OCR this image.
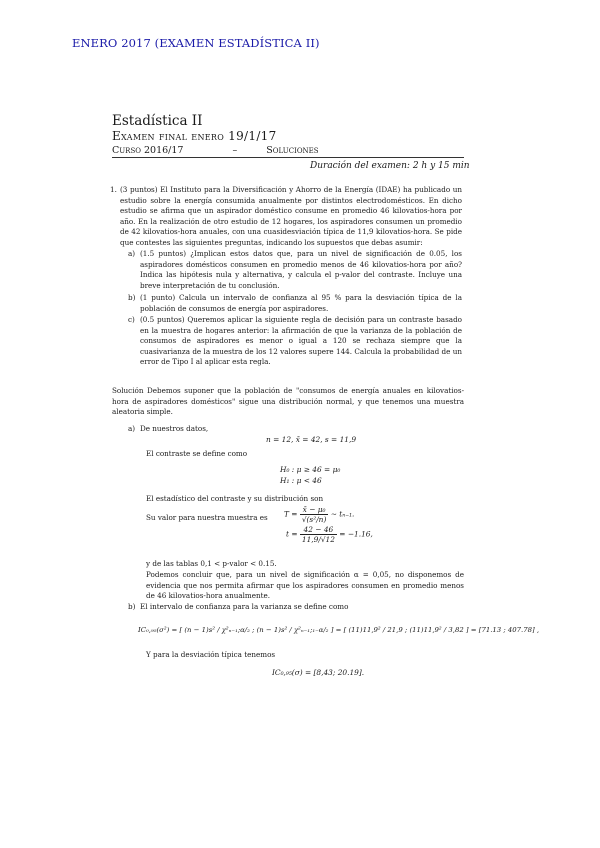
ENERO 2017 (EXAMEN ESTADÍSTICA II)
Estadística II
Examen final enero 19/1/17
Curso 2016/17	–	Soluciones
Duración del examen: 2 h y 15 min
1. (3 puntos) El Instituto para la Diversificación y Ahorro de la Energía (IDAE) ha publicado un estudio sobre la energía consumida anualmente por distintos electrodomésticos. En dicho estudio se afirma que un aspirador doméstico consume en promedio 46 kilovatios-hora por año. En la realización de otro estudio de 12 hogares, los aspiradores consumen un promedio de 42 kilovatios-hora anuales, con una cuasidesviación típica de 11,9 kilovatios-hora. Se pide que contestes las siguientes preguntas, indicando los supuestos que debas asumir:
a) (1.5 puntos) ¿Implican estos datos que, para un nivel de significación de 0.05, los aspiradores domésticos consumen en promedio menos de 46 kilovatios-hora por año? Indica las hipótesis nula y alternativa, y calcula el p-valor del contraste. Incluye una breve interpretación de tu conclusión.
b) (1 punto) Calcula un intervalo de confianza al 95 % para la desviación típica de la población de consumos de energía por aspiradores.
c) (0.5 puntos) Queremos aplicar la siguiente regla de decisión para un contraste basado en la muestra de hogares anterior: la afirmación de que la varianza de la población de consumos de aspiradores es menor o igual a 120 se rechaza siempre que la cuasivarianza de la muestra de los 12 valores supere 144. Calcula la probabilidad de un error de Tipo I al aplicar esta regla.
Solución Debemos suponer que la población de "consumos de energía anuales en kilovatios-hora de aspiradores domésticos" sigue una distribución normal, y que tenemos una muestra aleatoria simple.
a) De nuestros datos,
n = 12, x̄ = 42, s = 11,9
El contraste se define como
H₀ : μ ≥ 46 = μ₀
H₁ : μ < 46
El estadístico del contraste y su distribución son
$T = \frac{\text{x̄ − μ₀}}{\text{√(s²/n)}}$ ∼ tₙ₋₁.
Su valor para nuestra muestra es
$t = \frac{42 - 46}{11,9/√12} = -1.16$,
y de las tablas 0,1 < p-valor < 0.15.
Podemos concluir que, para un nivel de significación α = 0,05, no disponemos de evidencia que nos permita afirmar que los aspiradores consumen en promedio menos de 46 kilovatios-hora anualmente.
b) El intervalo de confianza para la varianza se define como
IC₀,₉₅(σ²) = [ (n − 1)s² / χ²ₙ₋₁;α/₂ ; (n − 1)s² / χ²ₙ₋₁;₁₋α/₂ ] = [ (11)11,9² / 21,9 ; (11)11,9² / 3,82 ] = [71.13 ; 407.78] ,
Y para la desviación típica tenemos
IC₀,₉₅(σ) = [8,43; 20.19].
